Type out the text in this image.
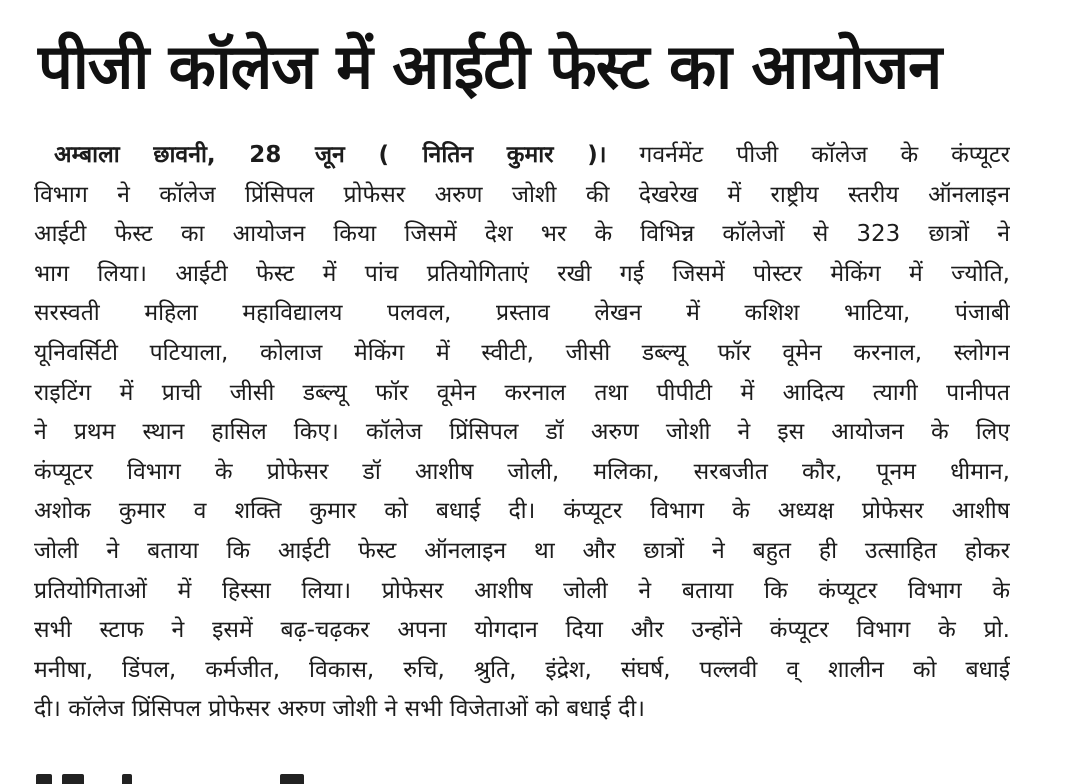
पीजी कॉलेज में आईटी फेस्ट का आयोजन
अम्बाला छावनी, 28 जून ( नितिन कुमार )। गवर्नमेंट पीजी कॉलेज के कंप्यूटर
विभाग ने कॉलेज प्रिंसिपल प्रोफेसर अरुण जोशी की देखरेख में राष्ट्रीय स्तरीय ऑनलाइन
आईटी फेस्ट का आयोजन किया जिसमें देश भर के विभिन्न कॉलेजों से 323 छात्रों ने
भाग लिया। आईटी फेस्ट में पांच प्रतियोगिताएं रखी गई जिसमें पोस्टर मेकिंग में ज्योति,
सरस्वती महिला महाविद्यालय पलवल, प्रस्ताव लेखन में कशिश भाटिया, पंजाबी
यूनिवर्सिटी पटियाला, कोलाज मेकिंग में स्वीटी, जीसी डब्ल्यू फॉर वूमेन करनाल, स्लोगन
राइटिंग में प्राची जीसी डब्ल्यू फॉर वूमेन करनाल तथा पीपीटी में आदित्य त्यागी पानीपत
ने प्रथम स्थान हासिल किए। कॉलेज प्रिंसिपल डॉ अरुण जोशी ने इस आयोजन के लिए
कंप्यूटर विभाग के प्रोफेसर डॉ आशीष जोली, मलिका, सरबजीत कौर, पूनम धीमान,
अशोक कुमार व शक्ति कुमार को बधाई दी। कंप्यूटर विभाग के अध्यक्ष प्रोफेसर आशीष
जोली ने बताया कि आईटी फेस्ट ऑनलाइन था और छात्रों ने बहुत ही उत्साहित होकर
प्रतियोगिताओं में हिस्सा लिया। प्रोफेसर आशीष जोली ने बताया कि कंप्यूटर विभाग के
सभी स्टाफ ने इसमें बढ़-चढ़कर अपना योगदान दिया और उन्होंने कंप्यूटर विभाग के प्रो.
मनीषा, डिंपल, कर्मजीत, विकास, रुचि, श्रुति, इंद्रेश, संघर्ष, पल्लवी व् शालीन को बधाई
दी। कॉलेज प्रिंसिपल प्रोफेसर अरुण जोशी ने सभी विजेताओं को बधाई दी।
